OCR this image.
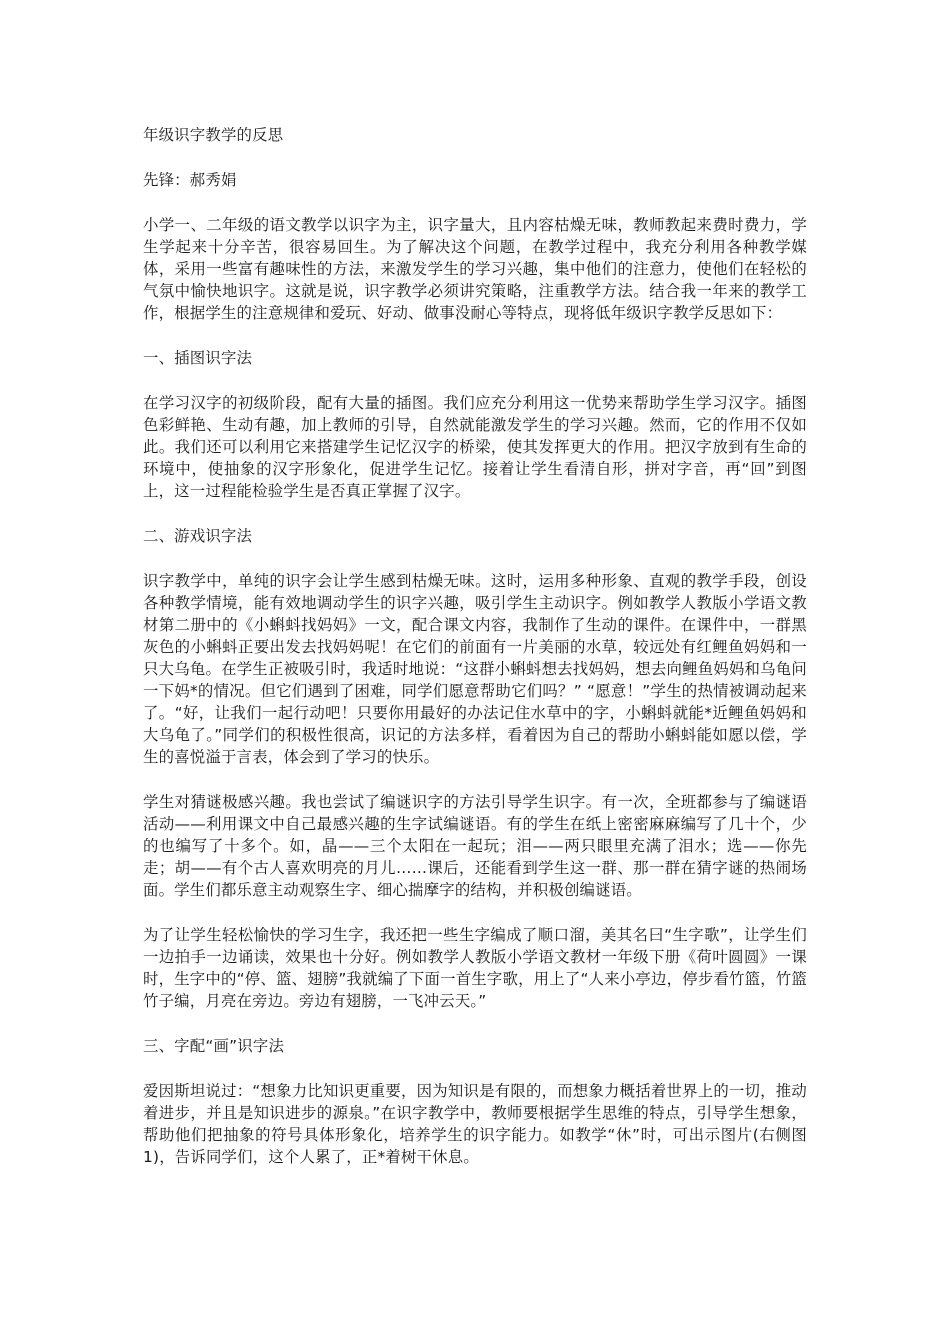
年级识字教学的反思

先锋：郝秀娟

小学一、二年级的语文教学以识字为主，识字量大，且内容枯燥无味，教师教起来费时费力，学生学起来十分辛苦，很容易回生。为了解决这个问题，在教学过程中，我充分利用各种教学媒体，采用一些富有趣味性的方法，来激发学生的学习兴趣，集中他们的注意力，使他们在轻松的气氛中愉快地识字。这就是说，识字教学必须讲究策略，注重教学方法。结合我一年来的教学工作，根据学生的注意规律和爱玩、好动、做事没耐心等特点，现将低年级识字教学反思如下：

一、插图识字法

在学习汉字的初级阶段，配有大量的插图。我们应充分利用这一优势来帮助学生学习汉字。插图色彩鲜艳、生动有趣，加上教师的引导，自然就能激发学生的学习兴趣。然而，它的作用不仅如此。我们还可以利用它来搭建学生记忆汉字的桥梁，使其发挥更大的作用。把汉字放到有生命的环境中，使抽象的汉字形象化，促进学生记忆。接着让学生看清自形，拼对字音，再“回”到图上，这一过程能检验学生是否真正掌握了汉字。

二、游戏识字法

识字教学中，单纯的识字会让学生感到枯燥无味。这时，运用多种形象、直观的教学手段，创设各种教学情境，能有效地调动学生的识字兴趣，吸引学生主动识字。例如教学人教版小学语文教材第二册中的《小蝌蚪找妈妈》一文，配合课文内容，我制作了生动的课件。在课件中，一群黑灰色的小蝌蚪正要出发去找妈妈呢！在它们的前面有一片美丽的水草，较远处有红鲤鱼妈妈和一只大乌龟。在学生正被吸引时，我适时地说：“这群小蝌蚪想去找妈妈，想去向鲤鱼妈妈和乌龟问一下妈*的情况。但它们遇到了困难，同学们愿意帮助它们吗？” “愿意！”学生的热情被调动起来了。“好，让我们一起行动吧！只要你用最好的办法记住水草中的字，小蝌蚪就能*近鲤鱼妈妈和大乌龟了。”同学们的积极性很高，识记的方法多样，看着因为自己的帮助小蝌蚪能如愿以偿，学生的喜悦溢于言表，体会到了学习的快乐。

学生对猜谜极感兴趣。我也尝试了编谜识字的方法引导学生识字。有一次，全班都参与了编谜语活动——利用课文中自己最感兴趣的生字试编谜语。有的学生在纸上密密麻麻编写了几十个，少的也编写了十多个。如，晶——三个太阳在一起玩；泪——两只眼里充满了泪水；选——你先走；胡——有个古人喜欢明亮的月儿……课后，还能看到学生这一群、那一群在猜字谜的热闹场面。学生们都乐意主动观察生字、细心揣摩字的结构，并积极创编谜语。

为了让学生轻松愉快的学习生字，我还把一些生字编成了顺口溜，美其名曰“生字歌”，让学生们一边拍手一边诵读，效果也十分好。例如教学人教版小学语文教材一年级下册《荷叶圆圆》一课时，生字中的“停、篮、翅膀”我就编了下面一首生字歌，用上了“人来小亭边，停步看竹篮，竹篮竹子编，月亮在旁边。旁边有翅膀，一飞冲云天。”

三、字配“画”识字法

爱因斯坦说过：“想象力比知识更重要，因为知识是有限的，而想象力概括着世界上的一切，推动着进步，并且是知识进步的源泉。”在识字教学中，教师要根据学生思维的特点，引导学生想象，帮助他们把抽象的符号具体形象化，培养学生的识字能力。如教学“休”时，可出示图片(右侧图 1)，告诉同学们，这个人累了，正*着树干休息。
